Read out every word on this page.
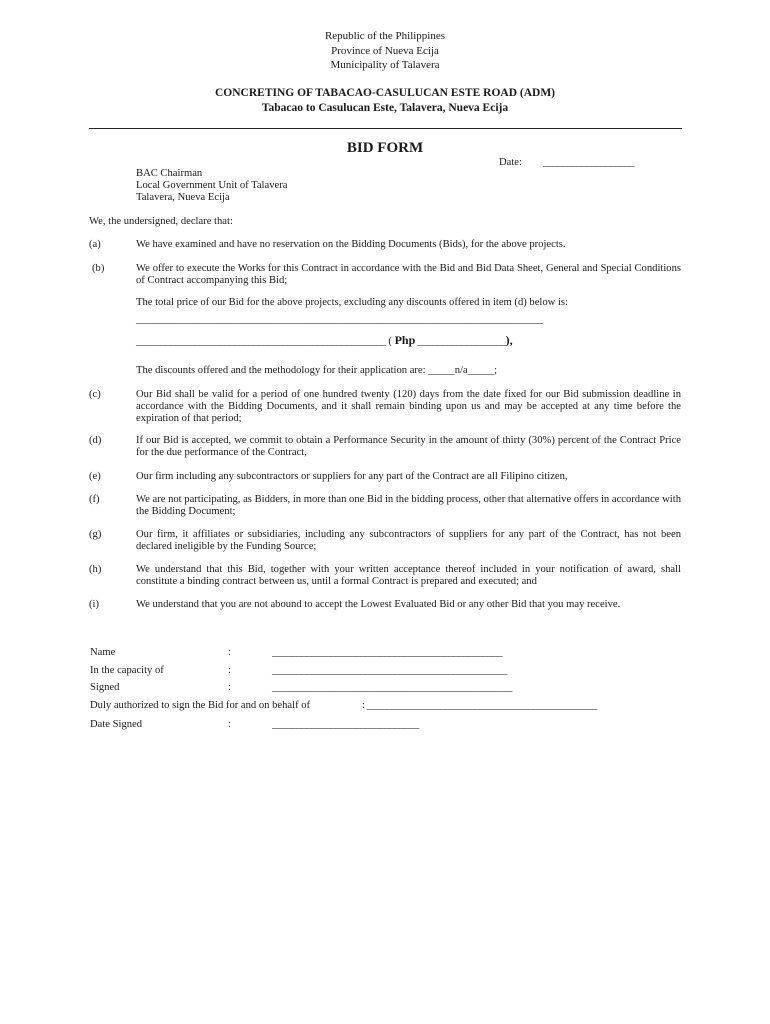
Republic of the Philippines
Province of Nueva Ecija
Municipality of Talavera
CONCRETING OF TABACAO-CASULUCAN ESTE ROAD (ADM)
Tabacao to Casulucan Este, Talavera, Nueva Ecija
BID FORM
Date: ___________________
BAC Chairman
Local Government Unit of Talavera
Talavera, Nueva Ecija
We, the undersigned, declare that:
(a)	We have examined and have no reservation on the Bidding Documents (Bids), for the above projects.
(b)	We offer to execute the Works for this Contract in accordance with the Bid and Bid Data Sheet, General and Special Conditions of Contract accompanying this Bid;
The total price of our Bid for the above projects, excluding any discounts offered in item (d) below is:
___________________________________________________________________________________
___________________________________________________ ( Php __________________),
The discounts offered and the methodology for their application are: _____n/a_____;
(c)	Our Bid shall be valid for a period of one hundred twenty (120) days from the date fixed for our Bid submission deadline in accordance with the Bidding Documents, and it shall remain binding upon us and may be accepted at any time before the expiration of that period;
(d)	If our Bid is accepted, we commit to obtain a Performance Security in the amount of thirty (30%) percent of the Contract Price for the due performance of the Contract,
(e)	Our firm including any subcontractors or suppliers for any part of the Contract are all Filipino citizen,
(f)	We are not participating, as Bidders, in more than one Bid in the bidding process, other that alternative offers in accordance with the Bidding Document;
(g)	Our firm, it affiliates or subsidiaries, including any subcontractors of suppliers for any part of the Contract, has not been declared ineligible by the Funding Source;
(h)	We understand that this Bid, together with your written acceptance thereof included in your notification of award, shall constitute a binding contract between us, until a formal Contract is prepared and executed; and
(i)	We understand that you are not abound to accept the Lowest Evaluated Bid or any other Bid that you may receive.
Name	:	_______________________________________________
In the capacity of	:	________________________________________________
Signed	:	_________________________________________________
Duly authorized to sign the Bid for and on behalf of	: _______________________________________________
Date Signed	:	______________________________
